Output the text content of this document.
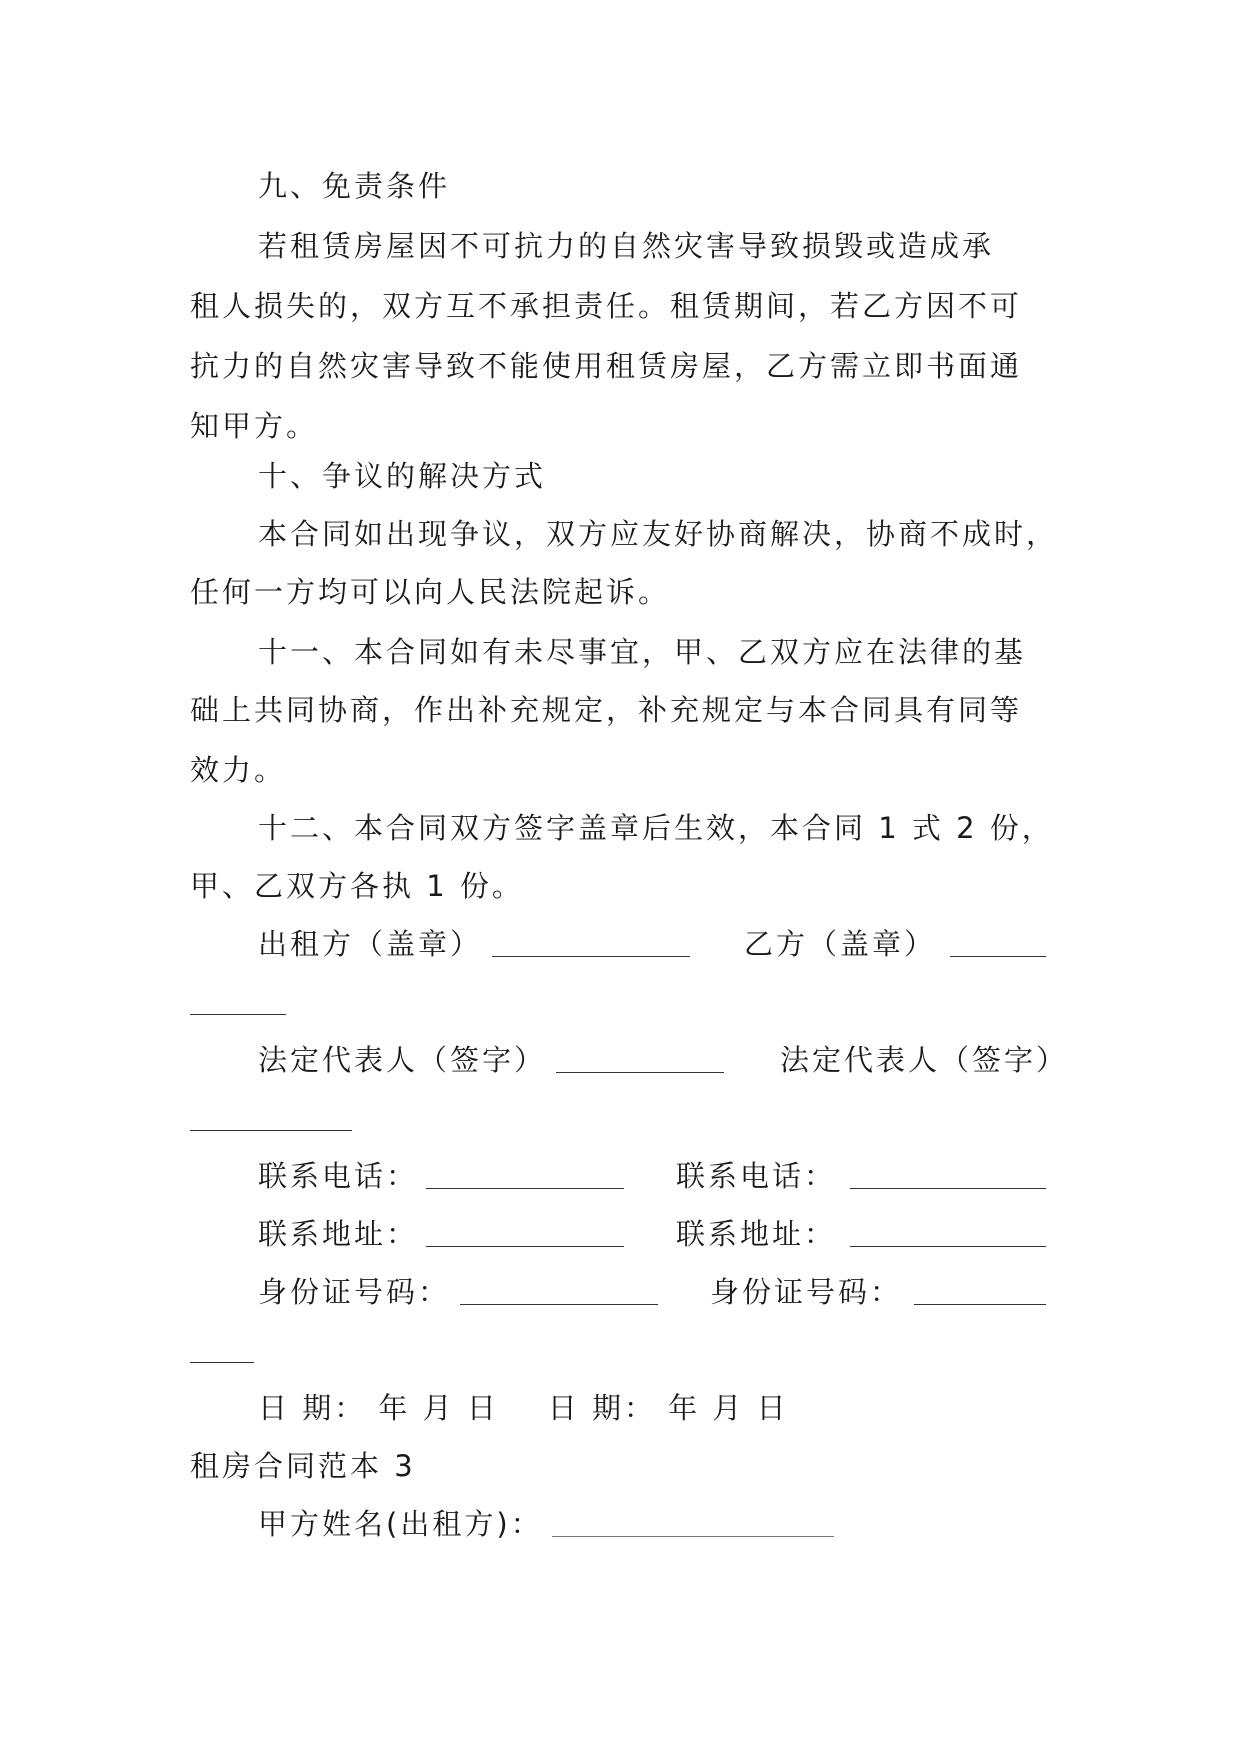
九、免责条件
若租赁房屋因不可抗力的自然灾害导致损毁或造成承
租人损失的，双方互不承担责任。租赁期间，若乙方因不可
抗力的自然灾害导致不能使用租赁房屋，乙方需立即书面通
知甲方。
十、争议的解决方式
本合同如出现争议，双方应友好协商解决，协商不成时，
任何一方均可以向人民法院起诉。
十一、本合同如有未尽事宜，甲、乙双方应在法律的基
础上共同协商，作出补充规定，补充规定与本合同具有同等
效力。
十二、本合同双方签字盖章后生效，本合同 1 式 2 份，
甲、乙双方各执 1 份。
出租方（盖章）	乙方（盖章）
法定代表人（签字）	法定代表人（签字）
联系电话：	联系电话：
联系地址：	联系地址：
身份证号码：	身份证号码：
日 期： 年 月 日    日 期： 年 月 日
租房合同范本 3
甲方姓名(出租方)：
